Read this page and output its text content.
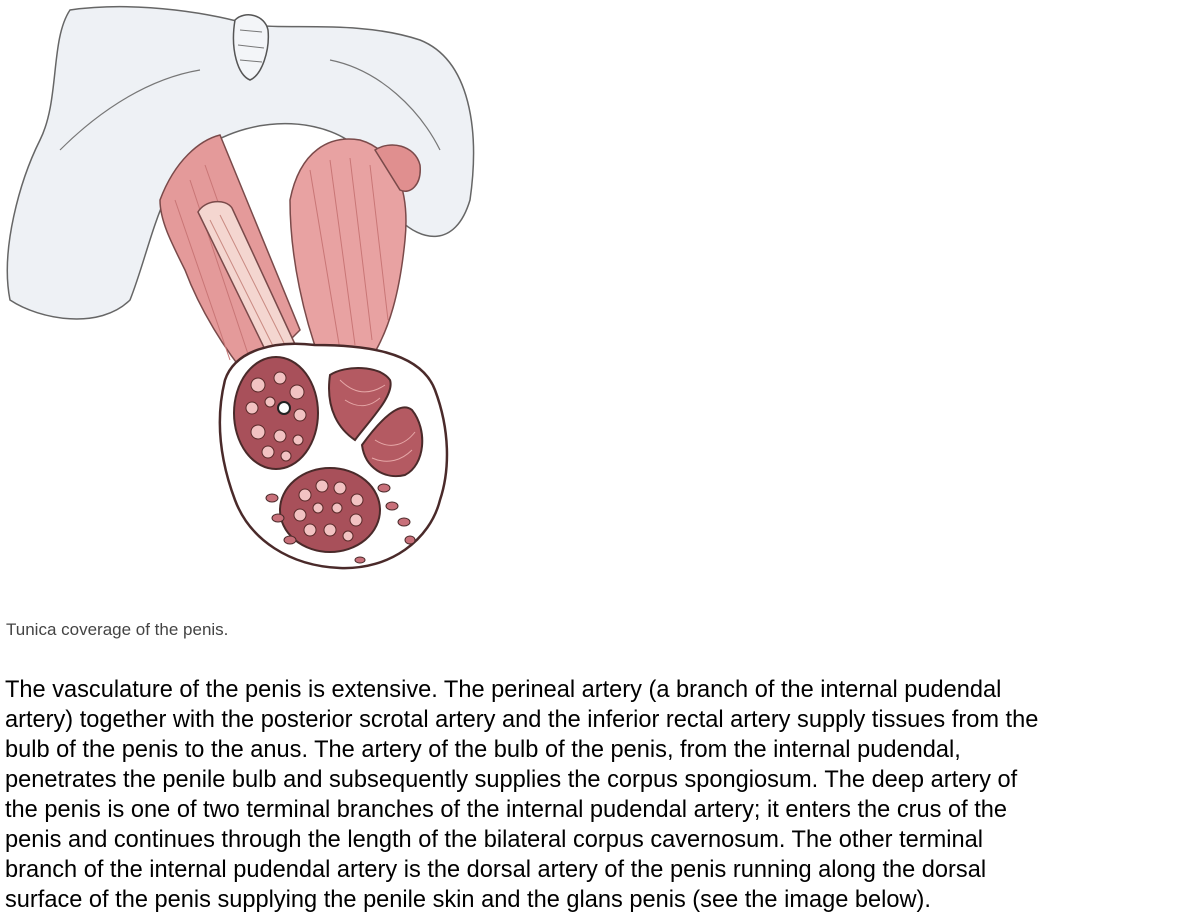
Tunica coverage of the penis.
The vasculature of the penis is extensive. The perineal artery (a branch of the internal pudendal
artery) together with the posterior scrotal artery and the inferior rectal artery supply tissues from the
bulb of the penis to the anus. The artery of the bulb of the penis, from the internal pudendal,
penetrates the penile bulb and subsequently supplies the corpus spongiosum. The deep artery of
the penis is one of two terminal branches of the internal pudendal artery; it enters the crus of the
penis and continues through the length of the bilateral corpus cavernosum. The other terminal
branch of the internal pudendal artery is the dorsal artery of the penis running along the dorsal
surface of the penis supplying the penile skin and the glans penis (see the image below).
